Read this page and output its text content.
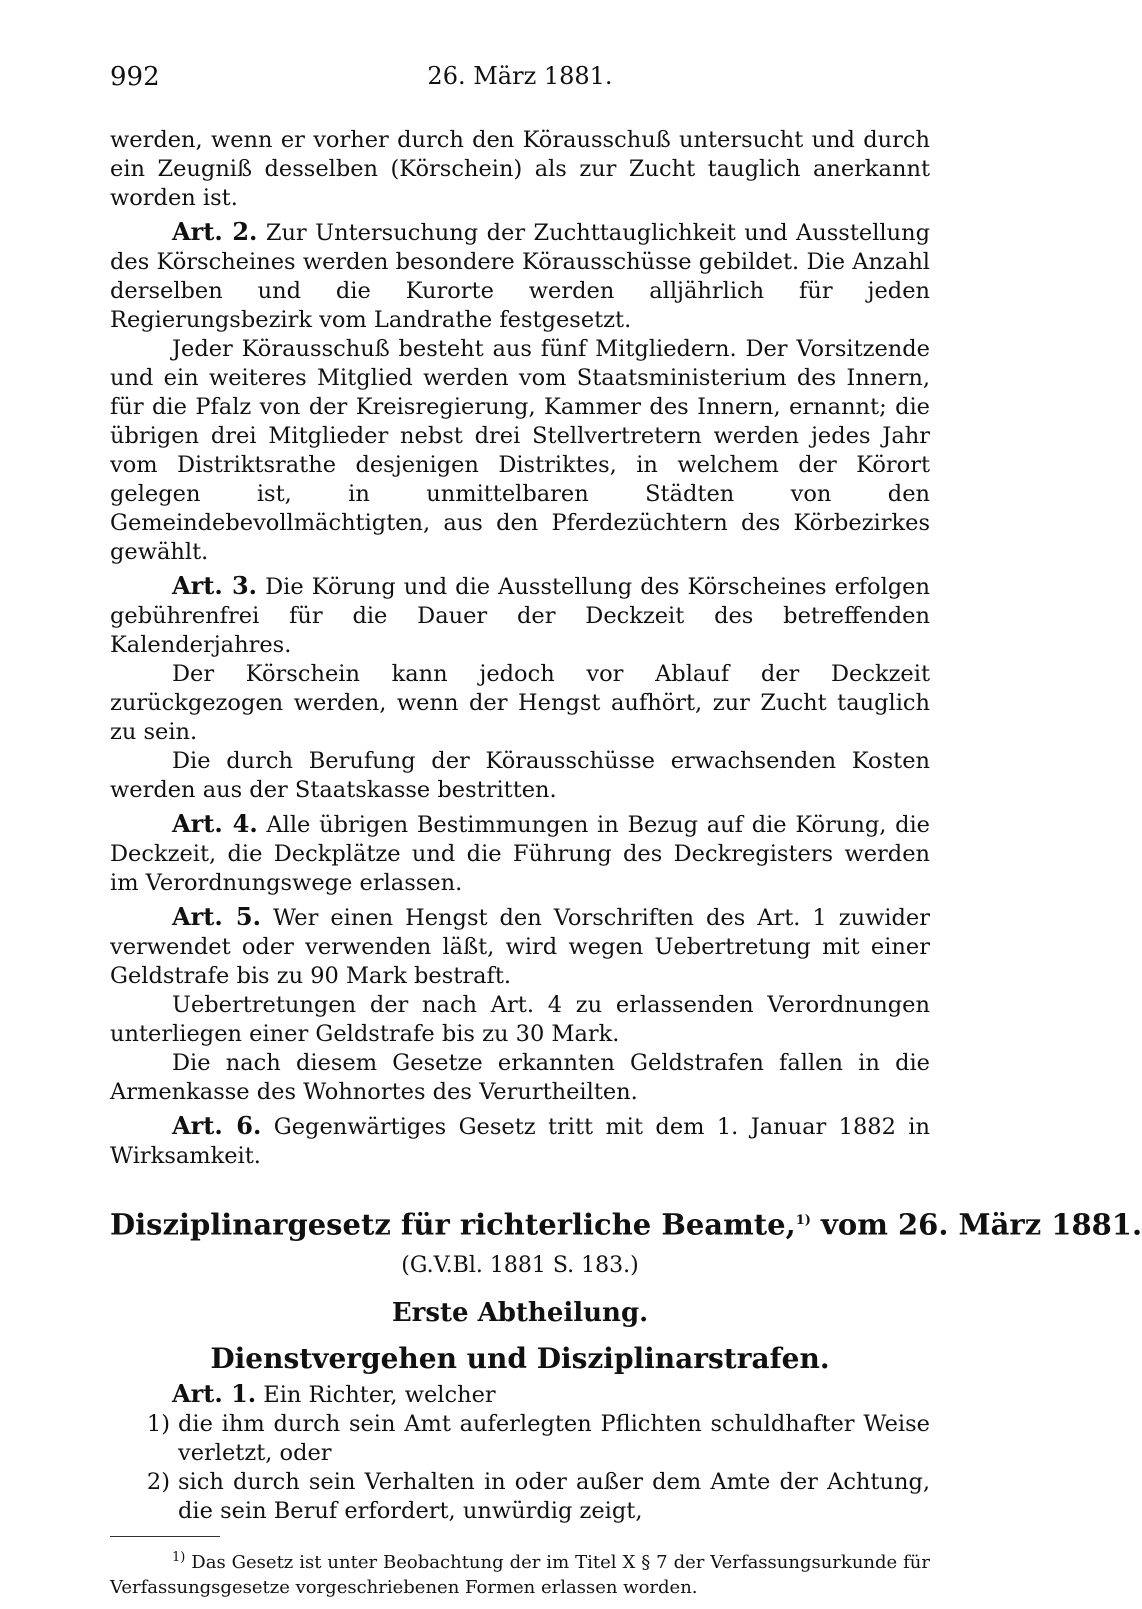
992	26. März 1881.

werden, wenn er vorher durch den Körausschuß untersucht und durch ein Zeugniß desselben (Körschein) als zur Zucht tauglich anerkannt worden ist.

Art. 2. Zur Untersuchung der Zuchttauglichkeit und Ausstellung des Körscheines werden besondere Körausschüsse gebildet. Die Anzahl derselben und die Kurorte werden alljährlich für jeden Regierungsbezirk vom Landrathe festgesetzt.

Jeder Körausschuß besteht aus fünf Mitgliedern. Der Vorsitzende und ein weiteres Mitglied werden vom Staatsministerium des Innern, für die Pfalz von der Kreisregierung, Kammer des Innern, ernannt; die übrigen drei Mitglieder nebst drei Stellvertretern werden jedes Jahr vom Distriktsrathe desjenigen Distriktes, in welchem der Körort gelegen ist, in unmittelbaren Städten von den Gemeindebevollmächtigten, aus den Pferdezüchtern des Körbezirkes gewählt.

Art. 3. Die Körung und die Ausstellung des Körscheines erfolgen gebührenfrei für die Dauer der Deckzeit des betreffenden Kalenderjahres.

Der Körschein kann jedoch vor Ablauf der Deckzeit zurückgezogen werden, wenn der Hengst aufhört, zur Zucht tauglich zu sein.

Die durch Berufung der Körausschüsse erwachsenden Kosten werden aus der Staatskasse bestritten.

Art. 4. Alle übrigen Bestimmungen in Bezug auf die Körung, die Deckzeit, die Deckplätze und die Führung des Deckregisters werden im Verordnungswege erlassen.

Art. 5. Wer einen Hengst den Vorschriften des Art. 1 zuwider verwendet oder verwenden läßt, wird wegen Uebertretung mit einer Geldstrafe bis zu 90 Mark bestraft.

Uebertretungen der nach Art. 4 zu erlassenden Verordnungen unterliegen einer Geldstrafe bis zu 30 Mark.

Die nach diesem Gesetze erkannten Geldstrafen fallen in die Armenkasse des Wohnortes des Verurtheilten.

Art. 6. Gegenwärtiges Gesetz tritt mit dem 1. Januar 1882 in Wirksamkeit.

Disziplinargesetz für richterliche Beamte,$^{1)}$ vom 26. März 1881.
(G.V.Bl. 1881 S. 183.)
Erste Abtheilung.
Dienstvergehen und Disziplinarstrafen.

Art. 1. Ein Richter, welcher

1) die ihm durch sein Amt auferlegten Pflichten schuldhafter Weise verletzt, oder
2) sich durch sein Verhalten in oder außer dem Amte der Achtung, die sein Beruf erfordert, unwürdig zeigt,
$^{1)}$ Das Gesetz ist unter Beobachtung der im Titel X § 7 der Verfassungsurkunde für Verfassungsgesetze vorgeschriebenen Formen erlassen worden.
